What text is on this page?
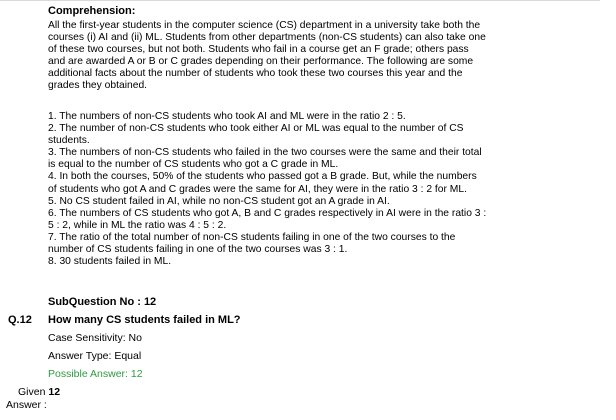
Comprehension:

All the first-year students in the computer science (CS) department in a university take both the courses (i) AI and (ii) ML. Students from other departments (non-CS students) can also take one of these two courses, but not both. Students who fail in a course get an F grade; others pass and are awarded A or B or C grades depending on their performance. The following are some additional facts about the number of students who took these two courses this year and the grades they obtained.

1. The numbers of non-CS students who took AI and ML were in the ratio 2 : 5.

2. The number of non-CS students who took either AI or ML was equal to the number of CS students.

3. The numbers of non-CS students who failed in the two courses were the same and their total is equal to the number of CS students who got a C grade in ML.

4. In both the courses, 50% of the students who passed got a B grade. But, while the numbers of students who got A and C grades were the same for AI, they were in the ratio 3 : 2 for ML.

5. No CS student failed in AI, while no non-CS student got an A grade in AI.

6. The numbers of CS students who got A, B and C grades respectively in AI were in the ratio 3 : 5 : 2, while in ML the ratio was 4 : 5 : 2.

7. The ratio of the total number of non-CS students failing in one of the two courses to the number of CS students failing in one of the two courses was 3 : 1.

8. 30 students failed in ML.

SubQuestion No : 12
Q.12 How many CS students failed in ML?
Case Sensitivity: No
Answer Type: Equal
Possible Answer: 12
Given 12
Answer :
